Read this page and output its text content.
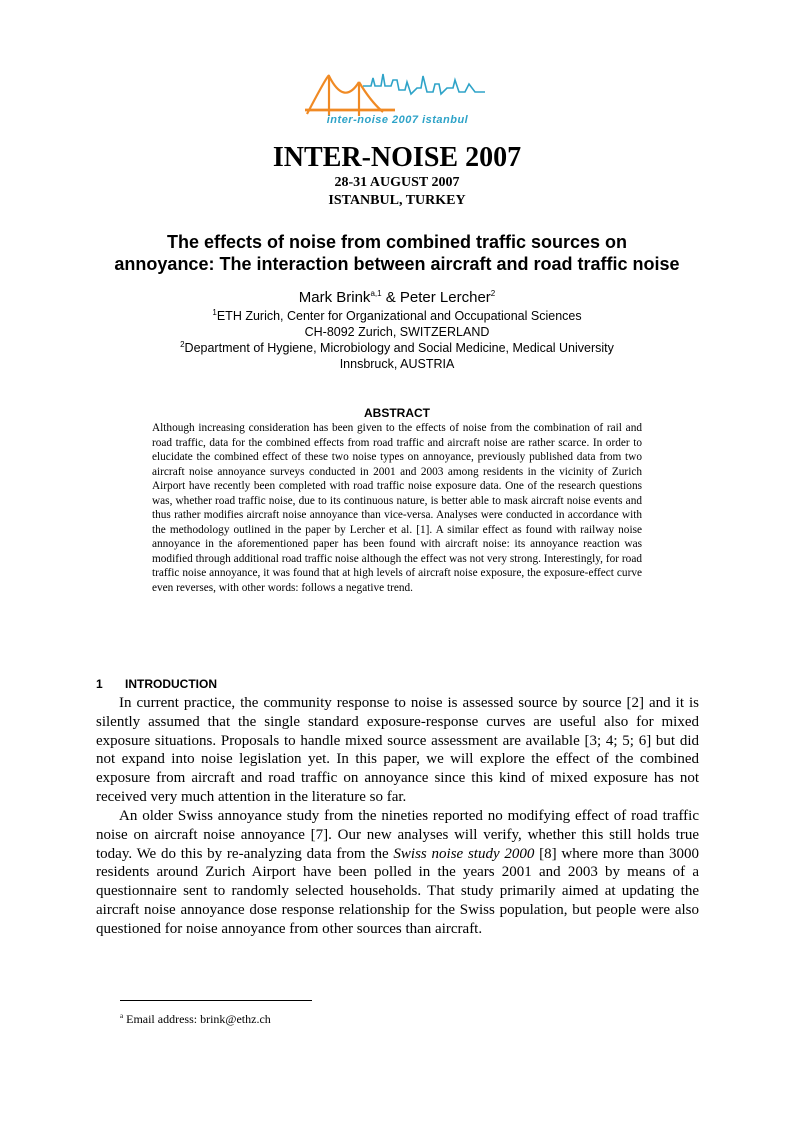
inter-noise 2007 istanbul
INTER-NOISE 2007
28-31 AUGUST 2007
ISTANBUL, TURKEY
The effects of noise from combined traffic sources on
annoyance: The interaction between aircraft and road traffic noise
Mark Brink$^{a,1}$ & Peter Lercher$^2$
$^1$ETH Zurich, Center for Organizational and Occupational Sciences
CH-8092 Zurich, SWITZERLAND
$^2$Department of Hygiene, Microbiology and Social Medicine, Medical University
Innsbruck, AUSTRIA
ABSTRACT
Although increasing consideration has been given to the effects of noise from the combination of rail and road traffic, data for the combined effects from road traffic and aircraft noise are rather scarce. In order to elucidate the combined effect of these two noise types on annoyance, previously published data from two aircraft noise annoyance surveys conducted in 2001 and 2003 among residents in the vicinity of Zurich Airport have recently been completed with road traffic noise exposure data. One of the research questions was, whether road traffic noise, due to its continuous nature, is better able to mask aircraft noise events and thus rather modifies aircraft noise annoyance than vice-versa. Analyses were conducted in accordance with the methodology outlined in the paper by Lercher et al. [1]. A similar effect as found with railway noise annoyance in the aforementioned paper has been found with aircraft noise: its annoyance reaction was modified through additional road traffic noise although the effect was not very strong. Interestingly, for road traffic noise annoyance, it was found that at high levels of aircraft noise exposure, the exposure-effect curve even reverses, with other words: follows a negative trend.
1 INTRODUCTION

In current practice, the community response to noise is assessed source by source [2] and it is silently assumed that the single standard exposure-response curves are useful also for mixed exposure situations. Proposals to handle mixed source assessment are available [3; 4; 5; 6] but did not expand into noise legislation yet. In this paper, we will explore the effect of the combined exposure from aircraft and road traffic on annoyance since this kind of mixed exposure has not received very much attention in the literature so far.

An older Swiss annoyance study from the nineties reported no modifying effect of road traffic noise on aircraft noise annoyance [7]. Our new analyses will verify, whether this still holds true today. We do this by re-analyzing data from the Swiss noise study 2000 [8] where more than 3000 residents around Zurich Airport have been polled in the years 2001 and 2003 by means of a questionnaire sent to randomly selected households. That study primarily aimed at updating the aircraft noise annoyance dose response relationship for the Swiss population, but people were also questioned for noise annoyance from other sources than aircraft.

$^a$ Email address: brink@ethz.ch
